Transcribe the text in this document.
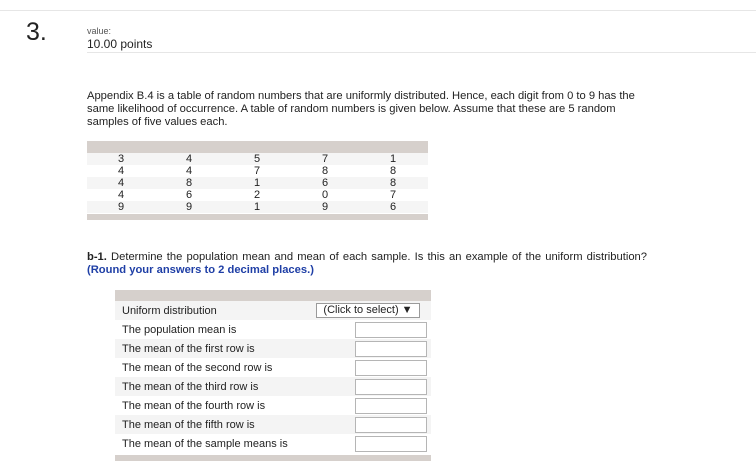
3.	value:
10.00 points
Appendix B.4 is a table of random numbers that are uniformly distributed. Hence, each digit from 0 to 9 has the same likelihood of occurrence. A table of random numbers is given below. Assume that these are 5 random samples of five values each.
3	4	5	7	1
4	4	7	8	8
4	8	1	6	8
4	6	2	0	7
9	9	1	9	6
b-1. Determine the population mean and mean of each sample. Is this an example of the uniform distribution? (Round your answers to 2 decimal places.)
Uniform distribution	(Click to select) ▼
The population mean is
The mean of the first row is
The mean of the second row is
The mean of the third row is
The mean of the fourth row is
The mean of the fifth row is
The mean of the sample means is
